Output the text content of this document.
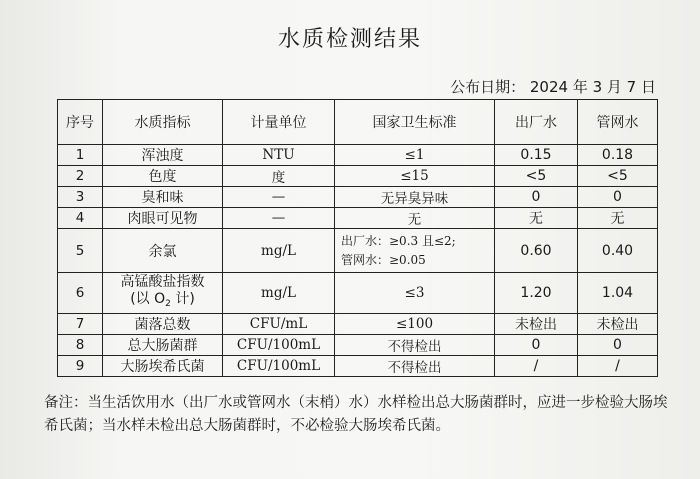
水质检测结果
公布日期： 2024 年 3 月 7 日
序号	水质指标	计量单位	国家卫生标准	出厂水	管网水
1	浑浊度	NTU	≤1	0.15	0.18
2	色度	度	≤15	<5	<5
3	臭和味	—	无异臭异味	0	0
4	肉眼可见物	—	无	无	无
5	余氯	mg/L	出厂水：≥0.3 且≤2;
管网水：≥0.05	0.60	0.40
6	高锰酸盐指数
(以 $O_2$ 计)	mg/L	≤3	1.20	1.04
7	菌落总数	CFU/mL	≤100	未检出	未检出
8	总大肠菌群	CFU/100mL	不得检出	0	0
9	大肠埃希氏菌	CFU/100mL	不得检出	/	/
备注：当生活饮用水（出厂水或管网水（末梢）水）水样检出总大肠菌群时，应进一步检验大肠埃希氏菌；当水样未检出总大肠菌群时，不必检验大肠埃希氏菌。
